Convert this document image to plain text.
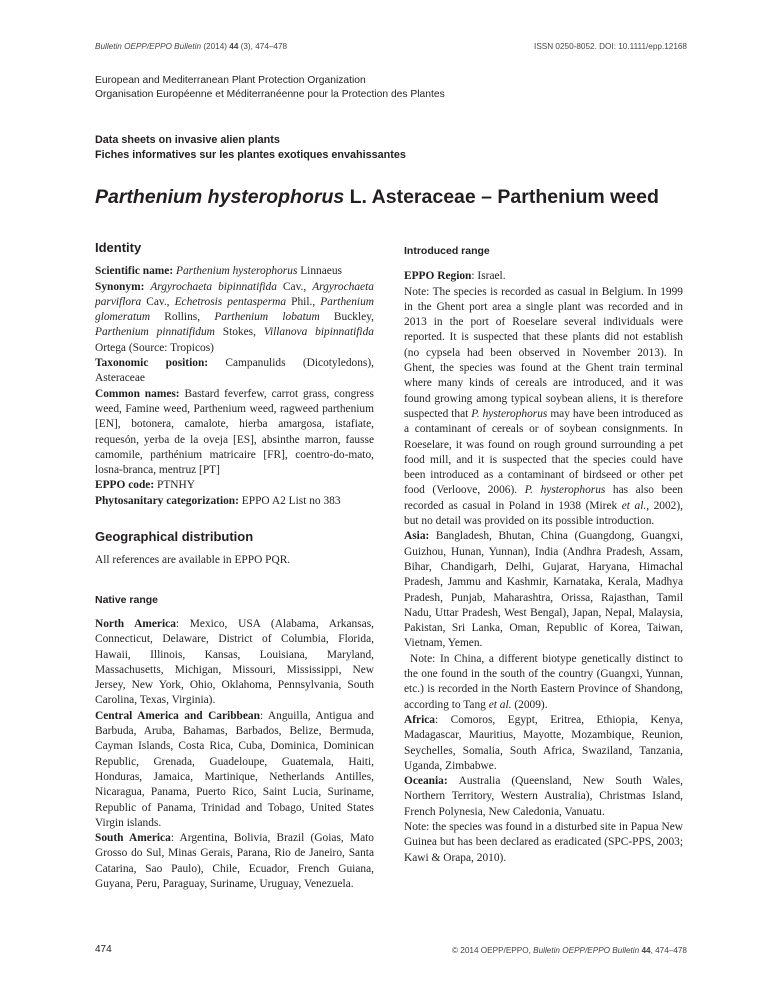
Bulletin OEPP/EPPO Bulletin (2014) 44 (3), 474–478	ISSN 0250-8052. DOI: 10.1111/epp.12168
European and Mediterranean Plant Protection Organization
Organisation Européenne et Méditerranéenne pour la Protection des Plantes
Data sheets on invasive alien plants
Fiches informatives sur les plantes exotiques envahissantes
Parthenium hysterophorus L. Asteraceae – Parthenium weed
Identity

Scientific name: Parthenium hysterophorus Linnaeus

Synonym: Argyrochaeta bipinnatifida Cav., Argyrochaeta parviflora Cav., Echetrosis pentasperma Phil., Parthenium glomeratum Rollins, Parthenium lobatum Buckley, Parthenium pinnatifidum Stokes, Villanova bipinnatifida Ortega (Source: Tropicos)

Taxonomic position: Campanulids (Dicotyledons), Asteraceae

Common names: Bastard feverfew, carrot grass, congress weed, Famine weed, Parthenium weed, ragweed parthenium [EN], botonera, camalote, hierba amargosa, istafiate, requesón, yerba de la oveja [ES], absinthe marron, fausse camomile, parthénium matricaire [FR], coentro-do-mato, losna-branca, mentruz [PT]

EPPO code: PTNHY

Phytosanitary categorization: EPPO A2 List no 383

Geographical distribution

All references are available in EPPO PQR.

Native range

North America: Mexico, USA (Alabama, Arkansas, Connecticut, Delaware, District of Columbia, Florida, Hawaii, Illinois, Kansas, Louisiana, Maryland, Massachusetts, Michigan, Missouri, Mississippi, New Jersey, New York, Ohio, Oklahoma, Pennsylvania, South Carolina, Texas, Virginia).

Central America and Caribbean: Anguilla, Antigua and Barbuda, Aruba, Bahamas, Barbados, Belize, Bermuda, Cayman Islands, Costa Rica, Cuba, Dominica, Dominican Republic, Grenada, Guadeloupe, Guatemala, Haiti, Honduras, Jamaica, Martinique, Netherlands Antilles, Nicaragua, Panama, Puerto Rico, Saint Lucia, Suriname, Republic of Panama, Trinidad and Tobago, United States Virgin islands.

South America: Argentina, Bolivia, Brazil (Goias, Mato Grosso do Sul, Minas Gerais, Parana, Rio de Janeiro, Santa Catarina, Sao Paulo), Chile, Ecuador, French Guiana, Guyana, Peru, Paraguay, Suriname, Uruguay, Venezuela.

Introduced range

EPPO Region: Israel.

Note: The species is recorded as casual in Belgium. In 1999 in the Ghent port area a single plant was recorded and in 2013 in the port of Roeselare several individuals were reported. It is suspected that these plants did not establish (no cypsela had been observed in November 2013). In Ghent, the species was found at the Ghent train terminal where many kinds of cereals are introduced, and it was found growing among typical soybean aliens, it is therefore suspected that P. hysterophorus may have been introduced as a contaminant of cereals or of soybean consignments. In Roeselare, it was found on rough ground surrounding a pet food mill, and it is suspected that the species could have been introduced as a contaminant of birdseed or other pet food (Verloove, 2006). P. hysterophorus has also been recorded as casual in Poland in 1938 (Mirek et al., 2002), but no detail was provided on its possible introduction.

Asia: Bangladesh, Bhutan, China (Guangdong, Guangxi, Guizhou, Hunan, Yunnan), India (Andhra Pradesh, Assam, Bihar, Chandigarh, Delhi, Gujarat, Haryana, Himachal Pradesh, Jammu and Kashmir, Karnataka, Kerala, Madhya Pradesh, Punjab, Maharashtra, Orissa, Rajasthan, Tamil Nadu, Uttar Pradesh, West Bengal), Japan, Nepal, Malaysia, Pakistan, Sri Lanka, Oman, Republic of Korea, Taiwan, Vietnam, Yemen.

Note: In China, a different biotype genetically distinct to the one found in the south of the country (Guangxi, Yunnan, etc.) is recorded in the North Eastern Province of Shandong, according to Tang et al. (2009).

Africa: Comoros, Egypt, Eritrea, Ethiopia, Kenya, Madagascar, Mauritius, Mayotte, Mozambique, Reunion, Seychelles, Somalia, South Africa, Swaziland, Tanzania, Uganda, Zimbabwe.

Oceania: Australia (Queensland, New South Wales, Northern Territory, Western Australia), Christmas Island, French Polynesia, New Caledonia, Vanuatu.

Note: the species was found in a disturbed site in Papua New Guinea but has been declared as eradicated (SPC-PPS, 2003; Kawi & Orapa, 2010).

474	© 2014 OEPP/EPPO, Bulletin OEPP/EPPO Bulletin 44, 474–478
